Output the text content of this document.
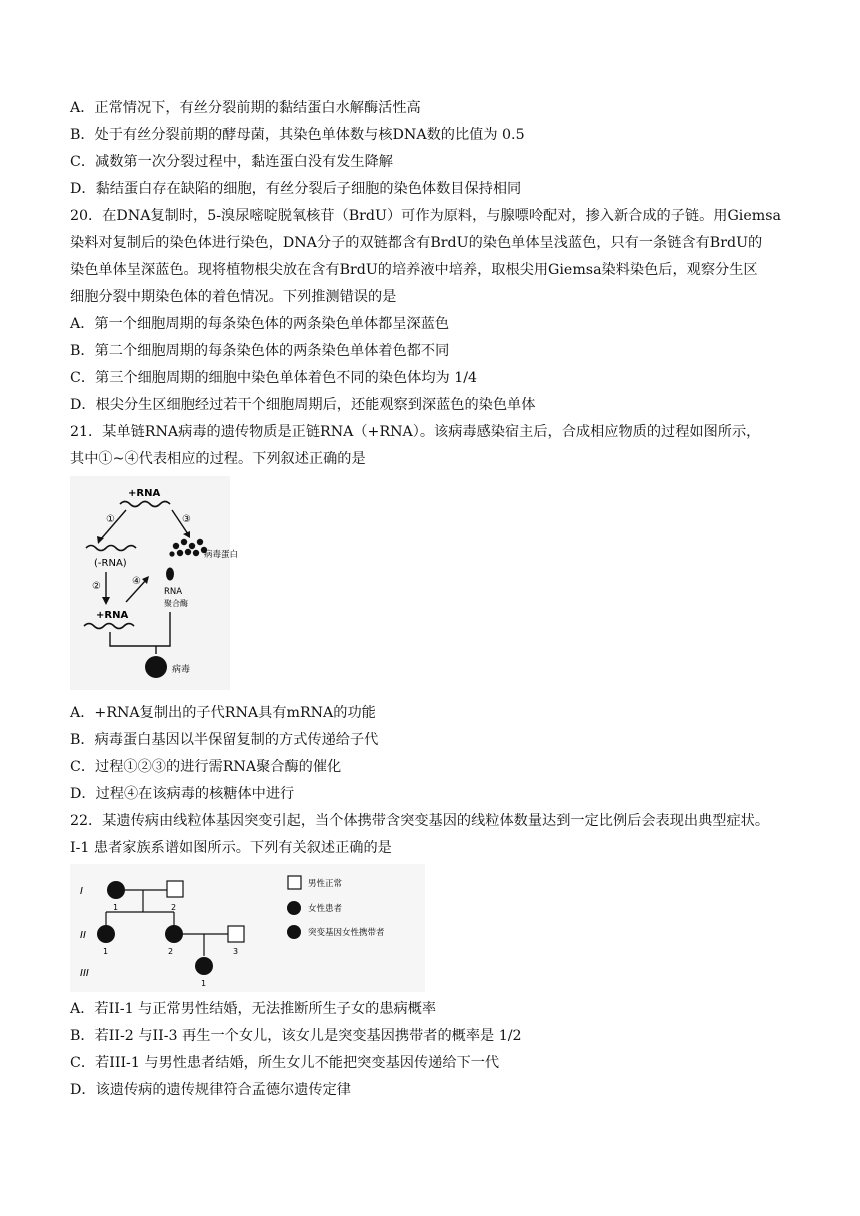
A．正常情况下，有丝分裂前期的黏结蛋白水解酶活性高
B．处于有丝分裂前期的酵母菌，其染色单体数与核DNA数的比值为 0.5
C．减数第一次分裂过程中，黏连蛋白没有发生降解
D．黏结蛋白存在缺陷的细胞，有丝分裂后子细胞的染色体数目保持相同
20．在DNA复制时，5-溴尿嘧啶脱氧核苷（BrdU）可作为原料，与腺嘌呤配对，掺入新合成的子链。用Giemsa
染料对复制后的染色体进行染色，DNA分子的双链都含有BrdU的染色单体呈浅蓝色，只有一条链含有BrdU的
染色单体呈深蓝色。现将植物根尖放在含有BrdU的培养液中培养，取根尖用Giemsa染料染色后，观察分生区
细胞分裂中期染色体的着色情况。下列推测错误的是
A．第一个细胞周期的每条染色体的两条染色单体都呈深蓝色
B．第二个细胞周期的每条染色体的两条染色单体着色都不同
C．第三个细胞周期的细胞中染色单体着色不同的染色体均为 1/4
D．根尖分生区细胞经过若干个细胞周期后，还能观察到深蓝色的染色单体
21．某单链RNA病毒的遗传物质是正链RNA（+RNA）。该病毒感染宿主后，合成相应物质的过程如图所示，
其中①~④代表相应的过程。下列叙述正确的是
+RNA
①	③
(-RNA)
病毒蛋白
RNA
聚合酶
②	④
+RNA
病毒
A．+RNA复制出的子代RNA具有mRNA的功能
B．病毒蛋白基因以半保留复制的方式传递给子代
C．过程①②③的进行需RNA聚合酶的催化
D．过程④在该病毒的核糖体中进行
22．某遗传病由线粒体基因突变引起，当个体携带含突变基因的线粒体数量达到一定比例后会表现出典型症状。
I-1 患者家族系谱如图所示。下列有关叙述正确的是
I
II
III
1	2
1	2	3
1
男性正常
女性患者
突变基因女性携带者
A．若II-1 与正常男性结婚，无法推断所生子女的患病概率
B．若II-2 与II-3 再生一个女儿，该女儿是突变基因携带者的概率是 1/2
C．若III-1 与男性患者结婚，所生女儿不能把突变基因传递给下一代
D．该遗传病的遗传规律符合孟德尔遗传定律
